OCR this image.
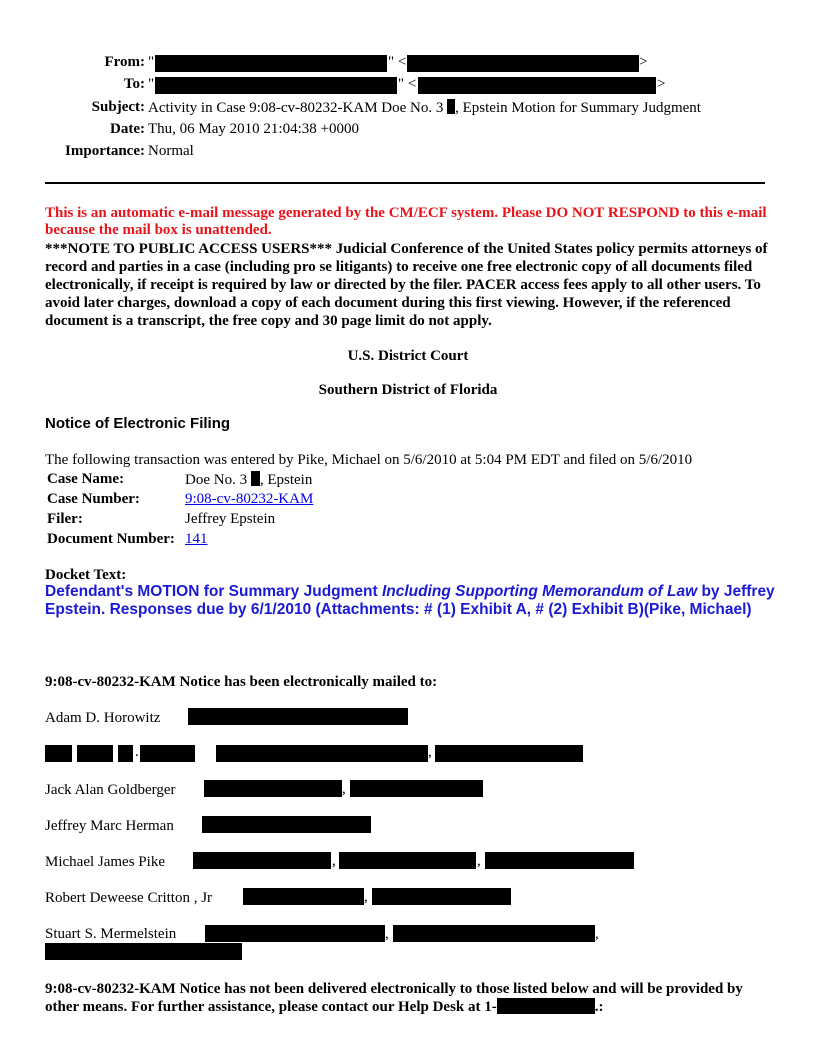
From: "	" <	>
To: "	" <	>
Subject: Activity in Case 9:08-cv-80232-KAM Doe No. 3 , Epstein Motion for Summary Judgment
Date: Thu, 06 May 2010 21:04:38 +0000
Importance: Normal
This is an automatic e-mail message generated by the CM/ECF system. Please DO NOT RESPOND to this e-mail because the mail box is unattended.
***NOTE TO PUBLIC ACCESS USERS*** Judicial Conference of the United States policy permits attorneys of record and parties in a case (including pro se litigants) to receive one free electronic copy of all documents filed electronically, if receipt is required by law or directed by the filer. PACER access fees apply to all other users. To avoid later charges, download a copy of each document during this first viewing. However, if the referenced document is a transcript, the free copy and 30 page limit do not apply.
U.S. District Court
Southern District of Florida
Notice of Electronic Filing
The following transaction was entered by Pike, Michael on 5/6/2010 at 5:04 PM EDT and filed on 5/6/2010
Case Name:	Doe No. 3 , Epstein
Case Number:	9:08-cv-80232-KAM
Filer:	Jeffrey Epstein
Document Number: 141
Docket Text:
Defendant's MOTION for Summary Judgment Including Supporting Memorandum of Law by Jeffrey Epstein. Responses due by 6/1/2010 (Attachments: # (1) Exhibit A, # (2) Exhibit B)(Pike, Michael)
9:08-cv-80232-KAM Notice has been electronically mailed to:
Adam D. Horowitz
.	,
Jack Alan Goldberger	,
Jeffrey Marc Herman
Michael James Pike	,	,
Robert Deweese Critton , Jr	,
Stuart S. Mermelstein	,	,
9:08-cv-80232-KAM Notice has not been delivered electronically to those listed below and will be provided by other means. For further assistance, please contact our Help Desk at 1-	.:
